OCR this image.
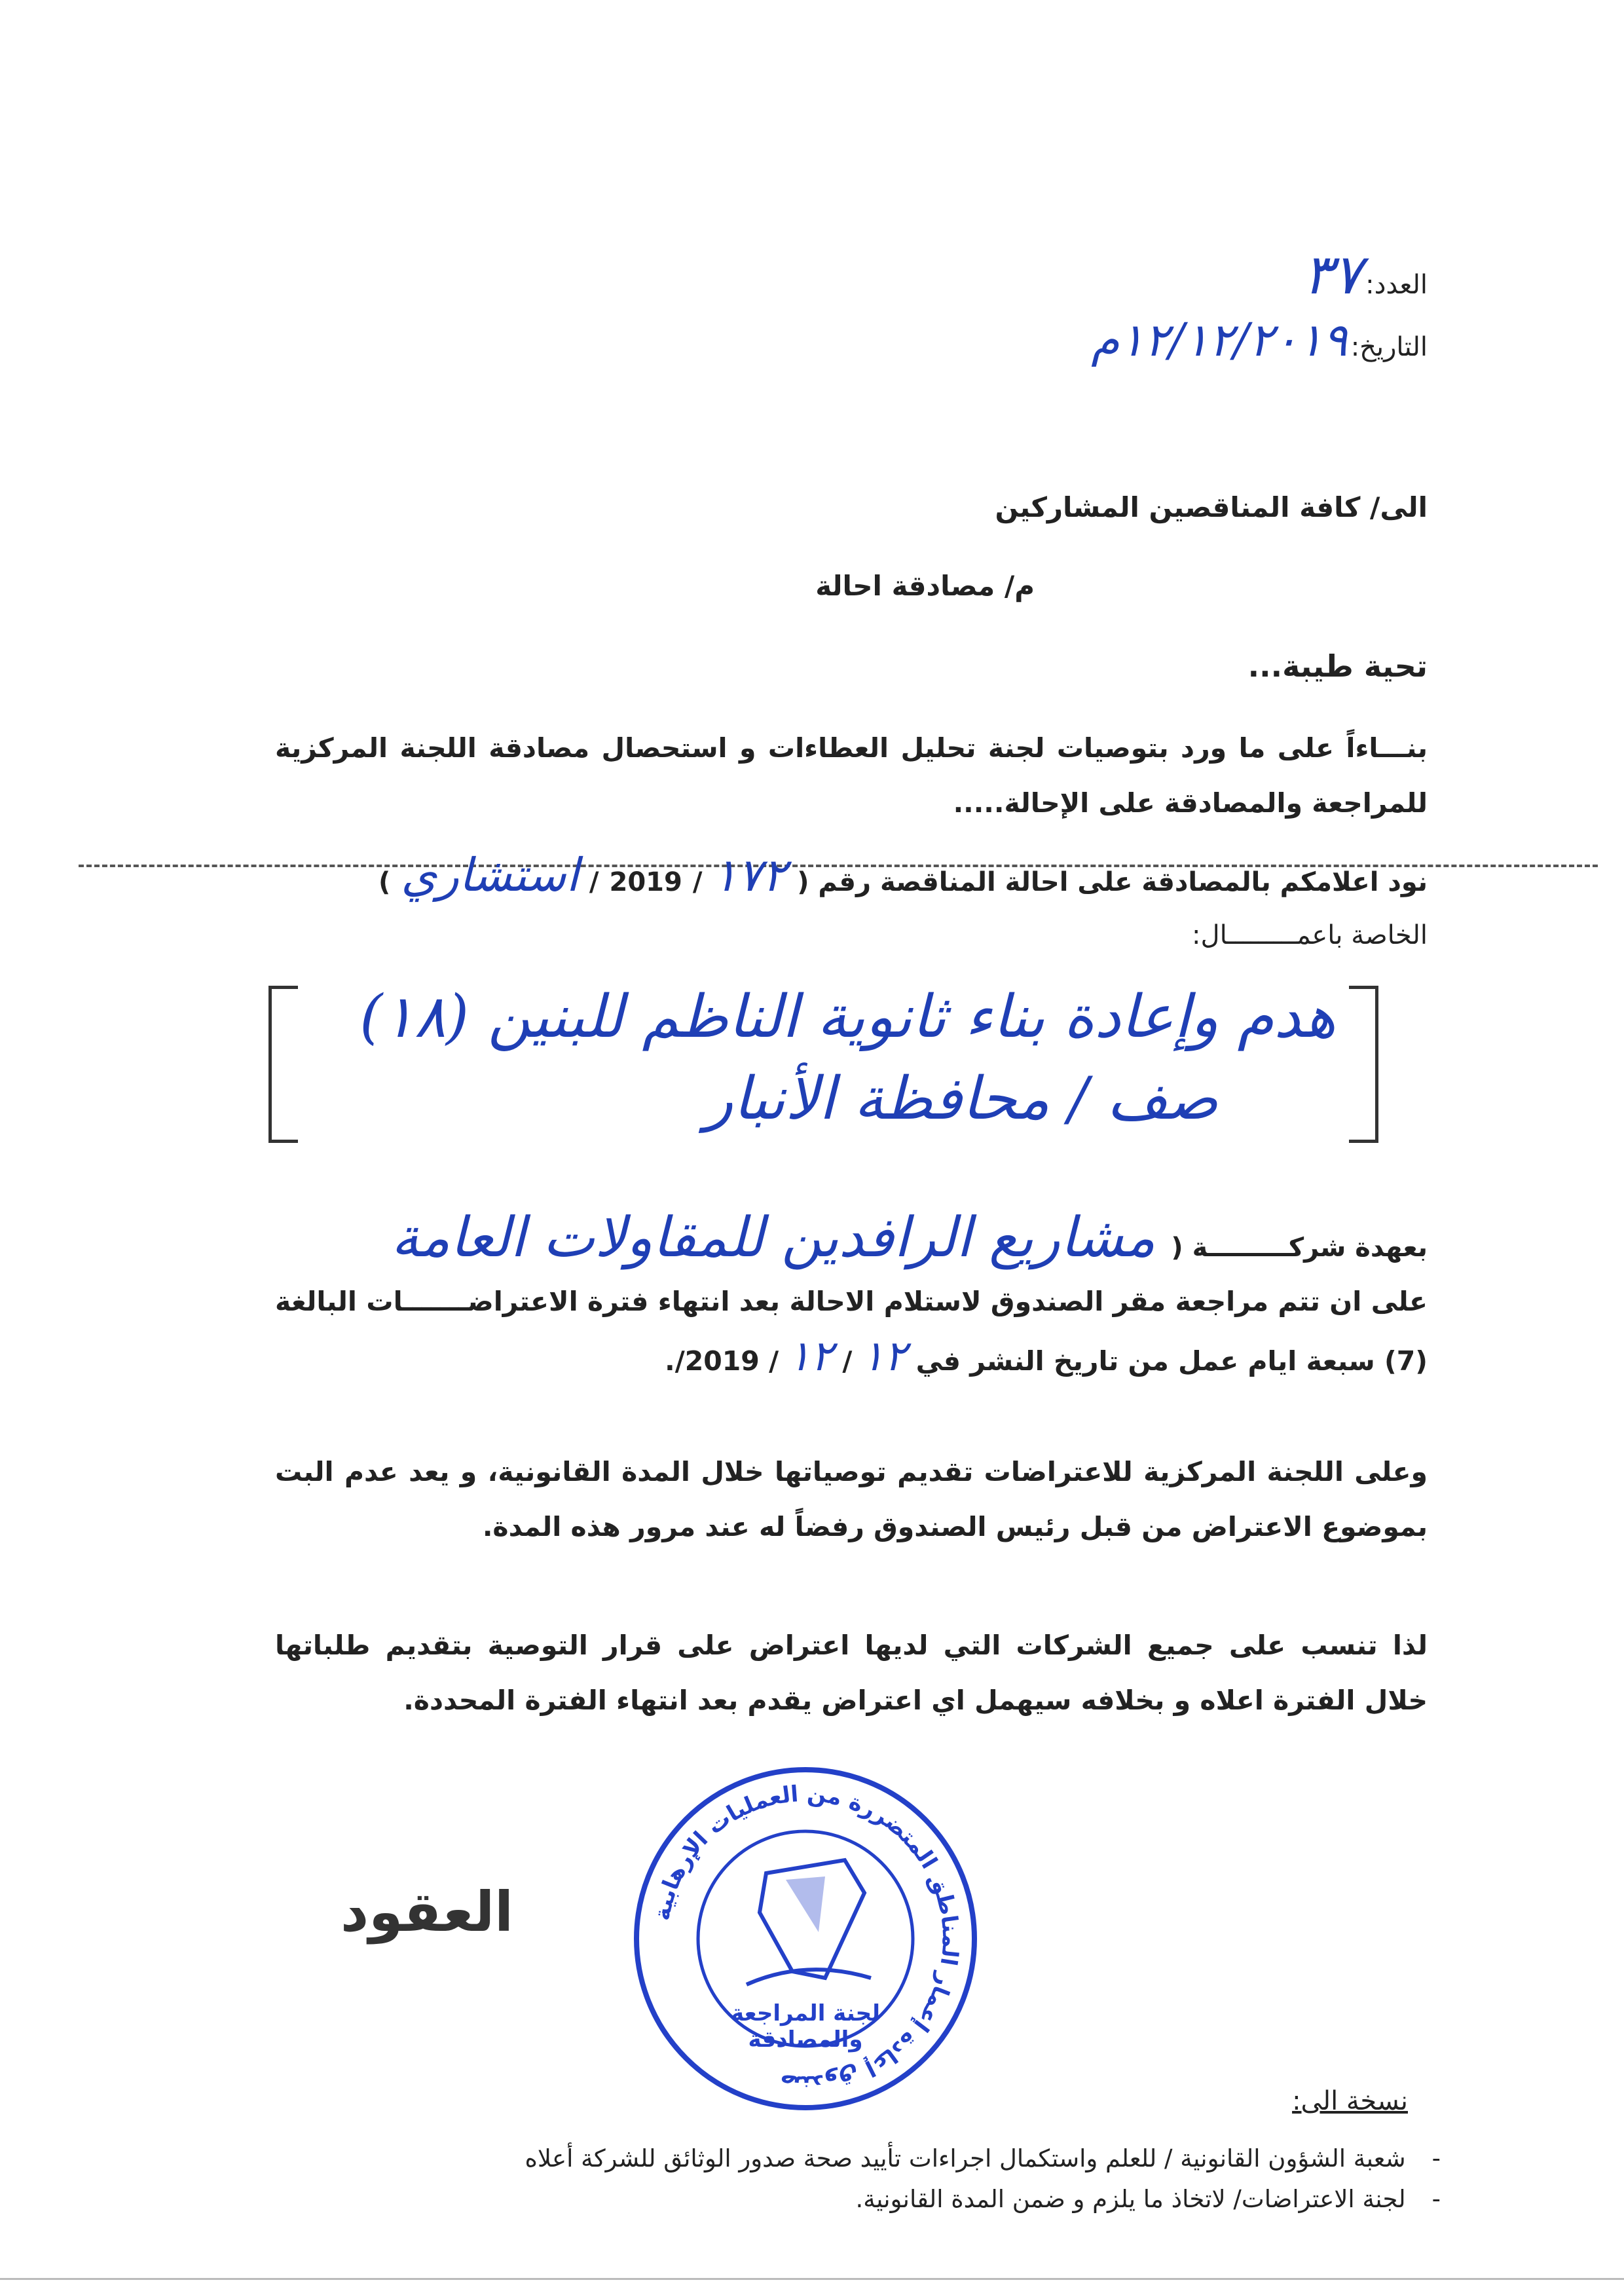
العدد: ٣٧
التاريخ: ١٢/١٢/٢٠١٩م
الى/ كافة المناقصين المشاركين
م/ مصادقة احالة
تحية طيبة...
بنـــاءاً على ما ورد بتوصيات لجنة تحليل العطاءات و استحصال مصادقة اللجنة المركزية للمراجعة والمصادقة على الإحالة.....
نود اعلامكم بالمصادقة على احالة المناقصة رقم (
١٧٢
/
2019
/
استشاري
)
الخاصة باعمـــــــــال:
هدم وإعادة بناء ثانوية الناظم للبنين (١٨)
صف / محافظة الأنبار
بعهدة شركـــــــــة (
مشاريع الرافدين للمقاولات العامة
على ان تتم مراجعة مقر الصندوق لاستلام الاحالة بعد انتهاء فترة الاعتراضـــــــات البالغة (7) سبعة ايام عمل من تاريخ النشر في ١٢ / ١٢ / 2019/.
وعلى اللجنة المركزية للاعتراضات تقديم توصياتها خلال المدة القانونية، و يعد عدم البت بموضوع الاعتراض من قبل رئيس الصندوق رفضاً له عند مرور هذه المدة.
لذا تنسب على جميع الشركات التي لديها اعتراض على قرار التوصية بتقديم طلباتها خلال الفترة اعلاه و بخلافه سيهمل اي اعتراض يقدم بعد انتهاء الفترة المحددة.
العقود	صندوق إعادة إعمار المناطق المتضررة من العمليات الإرهابية
لجنة المراجعة
والمصادقة
نسخة الى:
-شعبة الشؤون القانونية / للعلم واستكمال اجراءات تأييد صحة صدور الوثائق للشركة أعلاه
-لجنة الاعتراضات/ لاتخاذ ما يلزم و ضمن المدة القانونية.
